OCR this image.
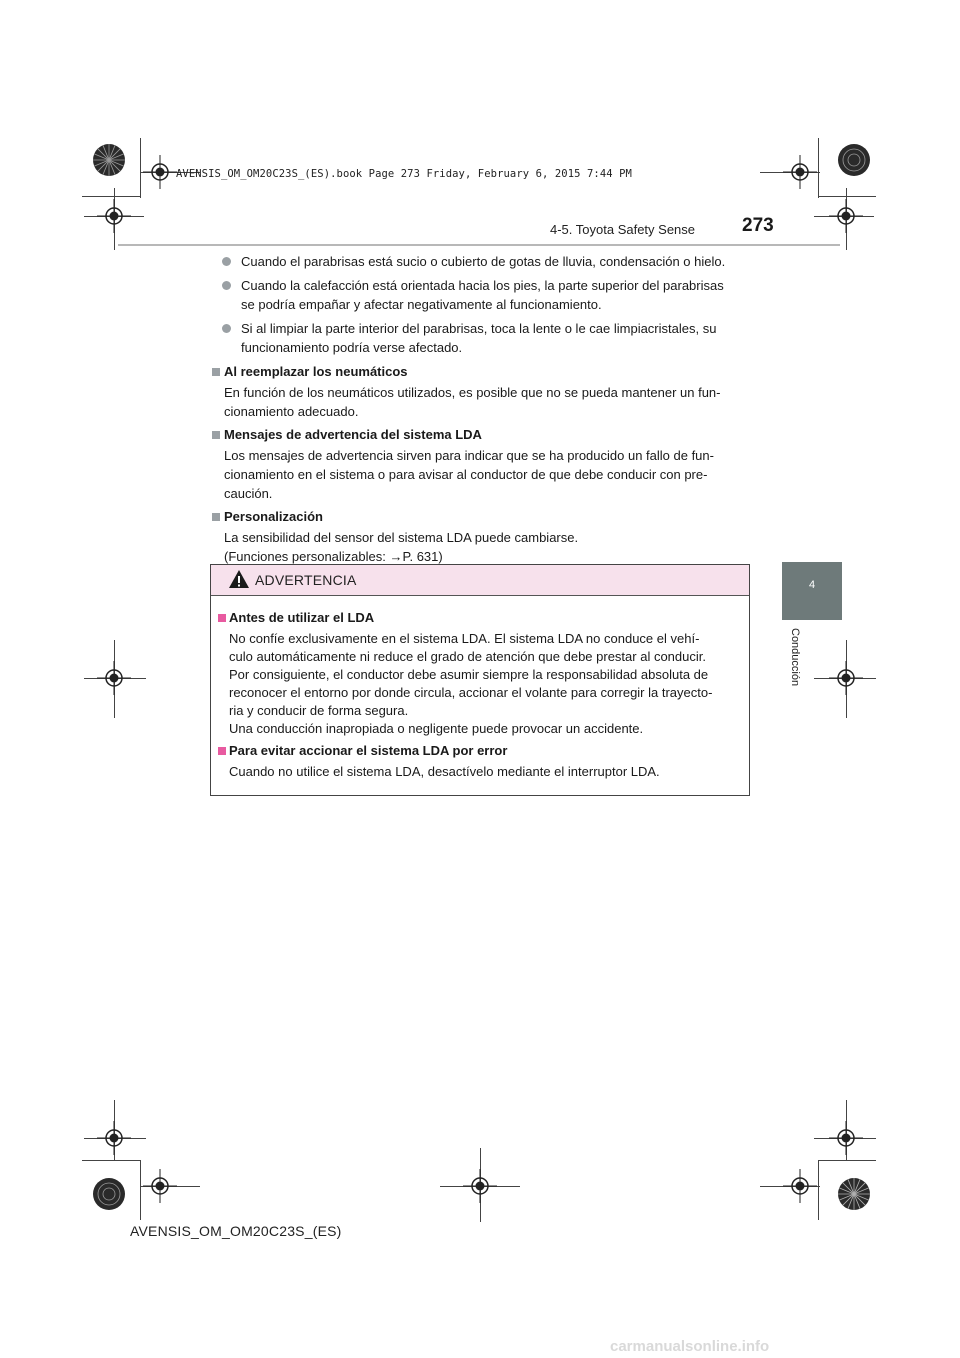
AVENSIS_OM_OM20C23S_(ES).book Page 273 Friday, February 6, 2015 7:44 PM
4-5. Toyota Safety Sense 273
4
Conducción
Cuando el parabrisas está sucio o cubierto de gotas de lluvia, condensación o hielo.
Cuando la calefacción está orientada hacia los pies, la parte superior del parabrisas
se podría empañar y afectar negativamente al funcionamiento.
Si al limpiar la parte interior del parabrisas, toca la lente o le cae limpiacristales, su
funcionamiento podría verse afectado.
Al reemplazar los neumáticos
En función de los neumáticos utilizados, es posible que no se pueda mantener un fun-
cionamiento adecuado.
Mensajes de advertencia del sistema LDA
Los mensajes de advertencia sirven para indicar que se ha producido un fallo de fun-
cionamiento en el sistema o para avisar al conductor de que debe conducir con pre-
caución.
Personalización
La sensibilidad del sensor del sistema LDA puede cambiarse.
(Funciones personalizables: →P. 631)
ADVERTENCIA
Antes de utilizar el LDA
No confíe exclusivamente en el sistema LDA. El sistema LDA no conduce el vehí-
culo automáticamente ni reduce el grado de atención que debe prestar al conducir.
Por consiguiente, el conductor debe asumir siempre la responsabilidad absoluta de
reconocer el entorno por donde circula, accionar el volante para corregir la trayecto-
ria y conducir de forma segura.
Una conducción inapropiada o negligente puede provocar un accidente.
Para evitar accionar el sistema LDA por error
Cuando no utilice el sistema LDA, desactívelo mediante el interruptor LDA.
AVENSIS_OM_OM20C23S_(ES)
carmanualsonline.info
